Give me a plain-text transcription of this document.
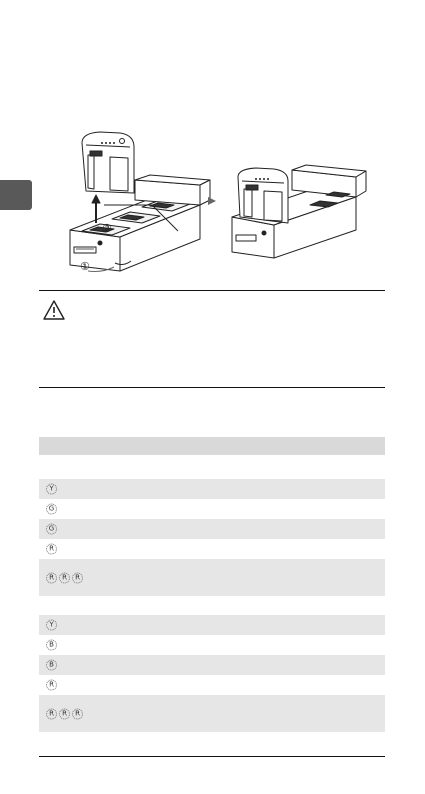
②
①
Y
G
G
R
R	R	R
Y
B
B
R
R	R	R
